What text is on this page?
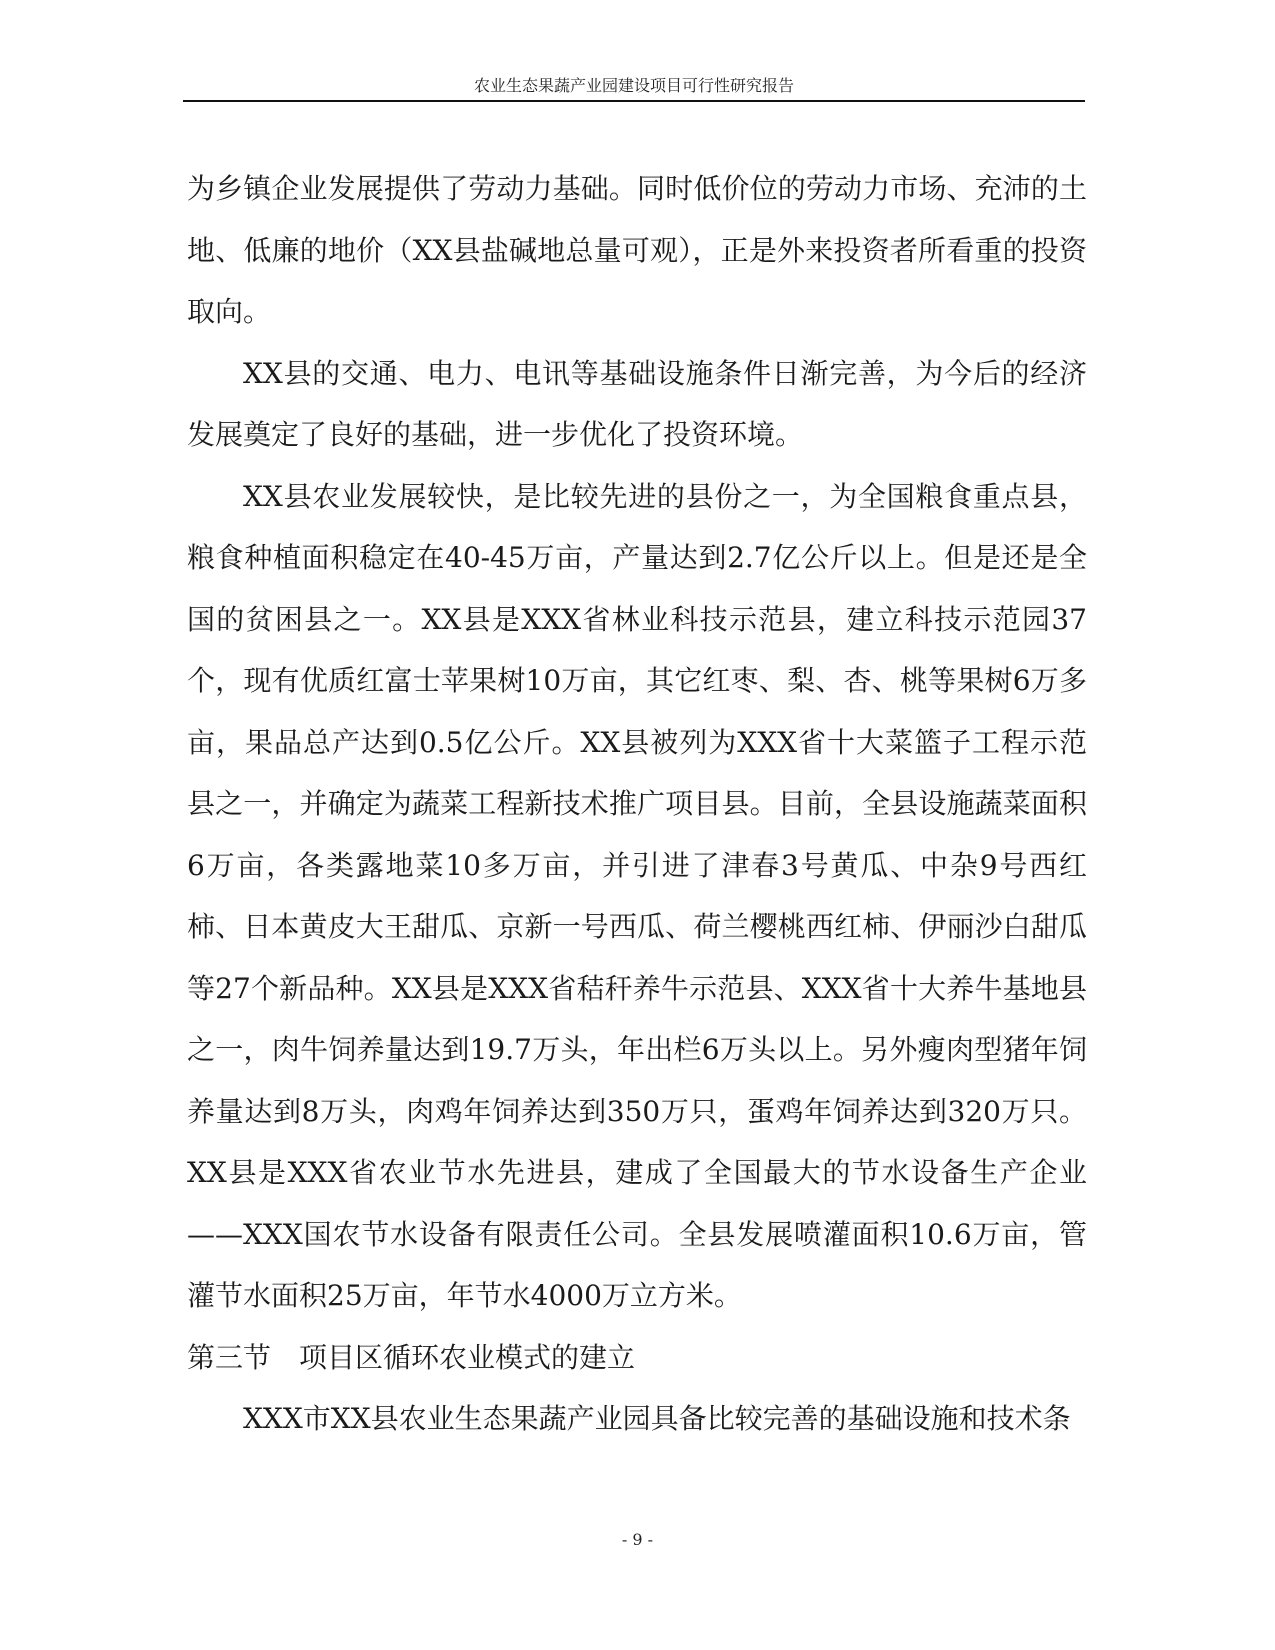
农业生态果蔬产业园建设项目可行性研究报告

为乡镇企业发展提供了劳动力基础。同时低价位的劳动力市场、充沛的土地、低廉的地价（XX县盐碱地总量可观），正是外来投资者所看重的投资取向。

XX县的交通、电力、电讯等基础设施条件日渐完善，为今后的经济发展奠定了良好的基础，进一步优化了投资环境。

XX县农业发展较快，是比较先进的县份之一，为全国粮食重点县，粮食种植面积稳定在40-45万亩，产量达到2.7亿公斤以上。但是还是全国的贫困县之一。XX县是XXX省林业科技示范县，建立科技示范园37个，现有优质红富士苹果树10万亩，其它红枣、梨、杏、桃等果树6万多亩，果品总产达到0.5亿公斤。XX县被列为XXX省十大菜篮子工程示范县之一，并确定为蔬菜工程新技术推广项目县。目前，全县设施蔬菜面积6万亩，各类露地菜10多万亩，并引进了津春3号黄瓜、中杂9号西红柿、日本黄皮大王甜瓜、京新一号西瓜、荷兰樱桃西红柿、伊丽沙白甜瓜等27个新品种。XX县是XXX省秸秆养牛示范县、XXX省十大养牛基地县之一，肉牛饲养量达到19.7万头，年出栏6万头以上。另外瘦肉型猪年饲养量达到8万头，肉鸡年饲养达到350万只，蛋鸡年饲养达到320万只。XX县是XXX省农业节水先进县，建成了全国最大的节水设备生产企业——XXX国农节水设备有限责任公司。全县发展喷灌面积10.6万亩，管灌节水面积25万亩，年节水4000万立方米。

第三节　项目区循环农业模式的建立

XXX市XX县农业生态果蔬产业园具备比较完善的基础设施和技术条

- 9 -
